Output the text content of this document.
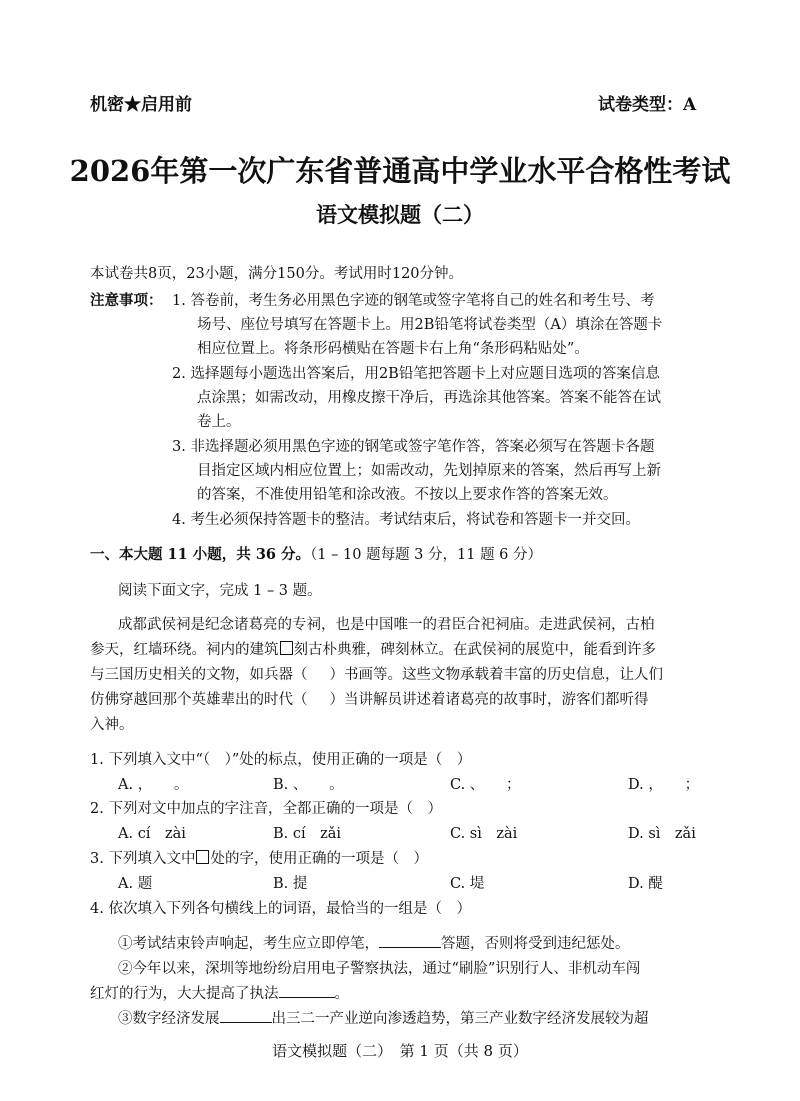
机密★启用前	试卷类型：A
2026年第一次广东省普通高中学业水平合格性考试
语文模拟题（二）
本试卷共8页，23小题，满分150分。考试用时120分钟。
注意事项： 1. 答卷前，考生务必用黑色字迹的钢笔或签字笔将自己的姓名和考生号、考
场号、座位号填写在答题卡上。用2B铅笔将试卷类型（A）填涂在答题卡
相应位置上。将条形码横贴在答题卡右上角“条形码粘贴处”。
2. 选择题每小题选出答案后，用2B铅笔把答题卡上对应题目选项的答案信息
点涂黑；如需改动，用橡皮擦干净后，再选涂其他答案。答案不能答在试
卷上。
3. 非选择题必须用黑色字迹的钢笔或签字笔作答，答案必须写在答题卡各题
目指定区域内相应位置上；如需改动，先划掉原来的答案，然后再写上新
的答案，不准使用铅笔和涂改液。不按以上要求作答的答案无效。
4. 考生必须保持答题卡的整洁。考试结束后，将试卷和答题卡一并交回。
一、本大题 11 小题，共 36 分。（1 – 10 题每题 3 分，11 题 6 分）
阅读下面文字，完成 1 – 3 题。
成都武侯祠是纪念诸葛亮的专祠，也是中国唯一的君臣合祀祠庙。走进武侯祠，古柏
参天，红墙环绕。祠内的建筑 刻古朴典雅，碑刻林立。在武侯祠的展览中，能看到许多
与三国历史相关的文物，如兵器（ ）书画等。这些文物承载着丰富的历史信息，让人们
仿佛穿越回那个英雄辈出的时代（ ）当讲解员讲述着诸葛亮的故事时，游客们都听得
入神。
1. 下列填入文中“（　）”处的标点，使用正确的一项是（　）
A. ，　　。	B. 、　　。	C. 、　　；	D. ，　　；
2. 下列对文中加点的字注音，全都正确的一项是（　）
A. cí　zài	B. cí　zǎi	C. sì　zài	D. sì　zǎi
3. 下列填入文中 处的字，使用正确的一项是（　）
A. 题	B. 提	C. 堤	D. 醍
4. 依次填入下列各句横线上的词语，最恰当的一组是（　）
①考试结束铃声响起，考生应立即停笔，	答题，否则将受到违纪惩处。
②今年以来，深圳等地纷纷启用电子警察执法，通过“刷脸”识别行人、非机动车闯
红灯的行为，大大提高了执法	。
③数字经济发展	出三二一产业逆向渗透趋势，第三产业数字经济发展较为超
语文模拟题（二）　第 1 页（共 8 页）
